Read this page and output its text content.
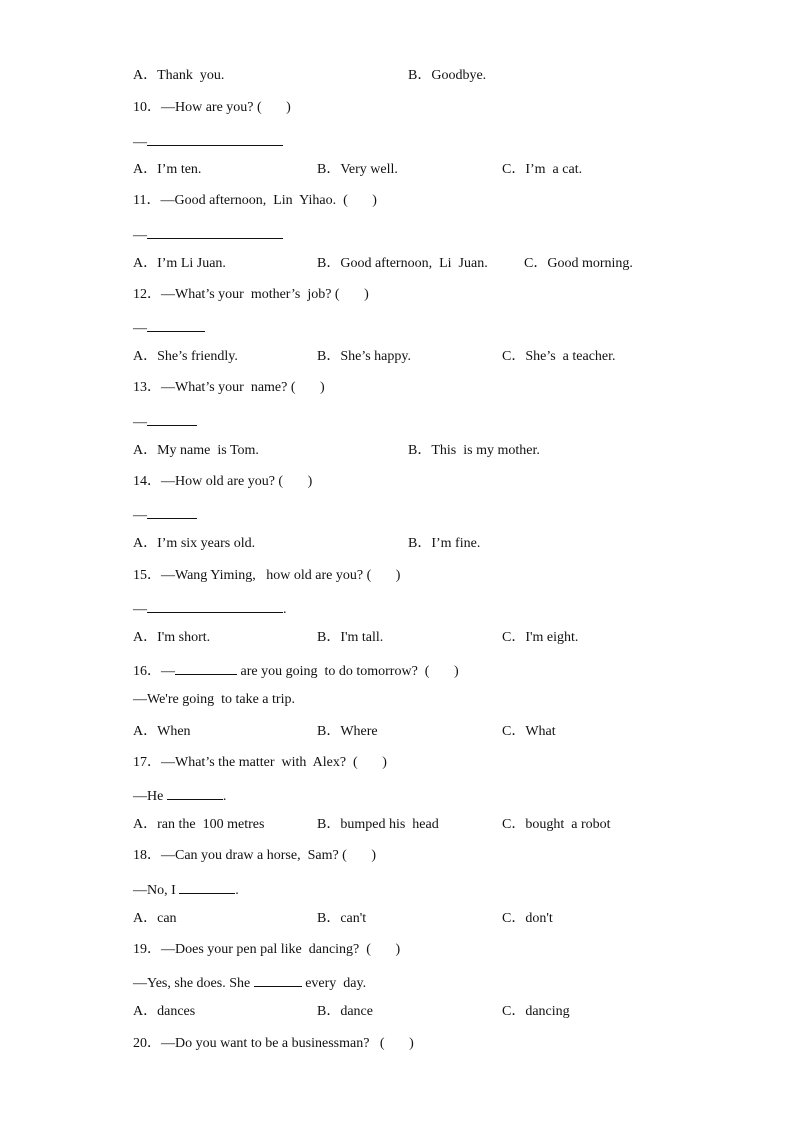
A．Thank  you.	B．Goodbye.
10．—How are you? (       )
—
A．I’m ten.	B．Very well.	C．I’m  a cat.
11．—Good afternoon,  Lin  Yihao.  (       )
—
A．I’m Li Juan.	B．Good afternoon,  Li  Juan.	C．Good morning.
12．—What’s your  mother’s  job? (       )
—
A．She’s friendly.	B．She’s happy.	C．She’s  a teacher.
13．—What’s your  name? (       )
—
A．My name  is Tom.	B．This  is my mother.
14．—How old are you? (       )
—
A．I’m six years old.	B．I’m fine.
15．—Wang Yiming,   how old are you? (       )
—	.
A．I'm short.	B．I'm tall.	C．I'm eight.
16．—	are you going  to do tomorrow?  (       )
—We're going  to take a trip.
A．When	B．Where	C．What
17．—What’s the matter  with  Alex?  (       )
—He	.
A．ran the  100 metres	B．bumped his  head	C．bought  a robot
18．—Can you draw a horse,  Sam? (       )
—No, I	.
A．can	B．can't	C．don't
19．—Does your pen pal like  dancing?  (       )
—Yes, she does. She	every  day.
A．dances	B．dance	C．dancing
20．—Do you want to be a businessman?   (       )
